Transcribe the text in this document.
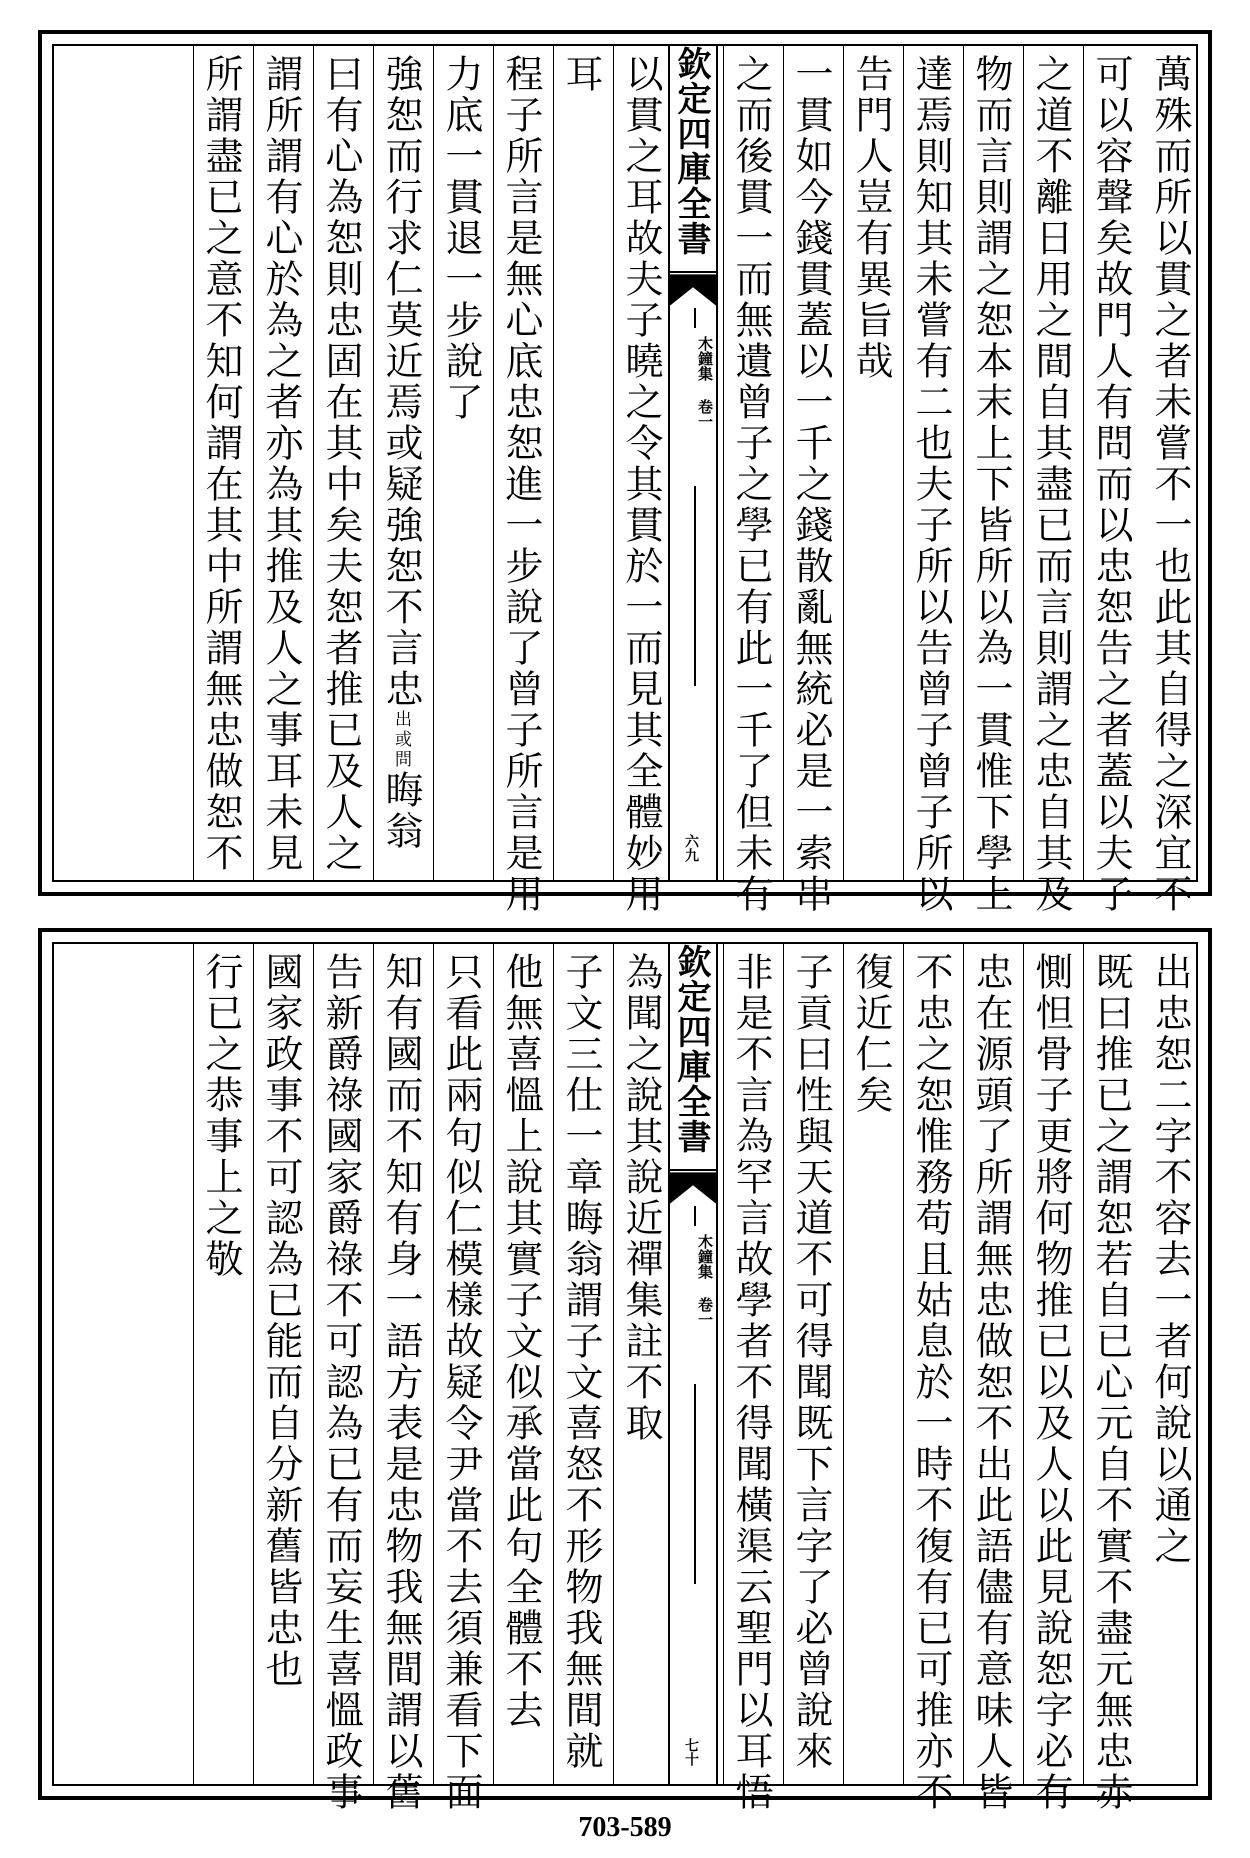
萬殊而所以貫之者未嘗不一也此其自得之深宜不
可以容聲矣故門人有問而以忠恕告之者蓋以夫子
之道不離日用之間自其盡已而言則謂之忠自其及
物而言則謂之恕本末上下皆所以為一貫惟下學上
達焉則知其未嘗有二也夫子所以告曾子曾子所以
告門人豈有異旨哉
一貫如今錢貫蓋以一千之錢散亂無統必是一索串
之而後貫一而無遺曾子之學已有此一千了但未有
欽定四庫全書
木鐘集 卷一
六九
以貫之耳故夫子曉之令其貫於一而見其全體妙用
耳
程子所言是無心底忠恕進一步說了曾子所言是用
力底一貫退一步說了
強恕而行求仁莫近焉或疑強恕不言忠出或問晦翁
曰有心為恕則忠固在其中矣夫恕者推已及人之
謂所謂有心於為之者亦為其推及人之事耳未見
所謂盡已之意不知何謂在其中所謂無忠做恕不
出忠恕二字不容去一者何說以通之
既曰推已之謂恕若自已心元自不實不盡元無忠赤
惻怛骨子更將何物推已以及人以此見說恕字必有
忠在源頭了所謂無忠做恕不出此語儘有意味人皆
不忠之恕惟務苟且姑息於一時不復有已可推亦不
復近仁矣
子貢曰性與天道不可得聞既下言字了必曾說來
非是不言為罕言故學者不得聞橫渠云聖門以耳悟
欽定四庫全書
木鐘集 卷一
七十
為聞之說其說近禪集註不取
子文三仕一章晦翁謂子文喜怒不形物我無間就
他無喜慍上說其實子文似承當此句全體不去
只看此兩句似仁模樣故疑令尹當不去須兼看下面
知有國而不知有身一語方表是忠物我無間謂以舊
告新爵祿國家爵祿不可認為已有而妄生喜慍政事
國家政事不可認為已能而自分新舊皆忠也
行已之恭事上之敬
703-589
